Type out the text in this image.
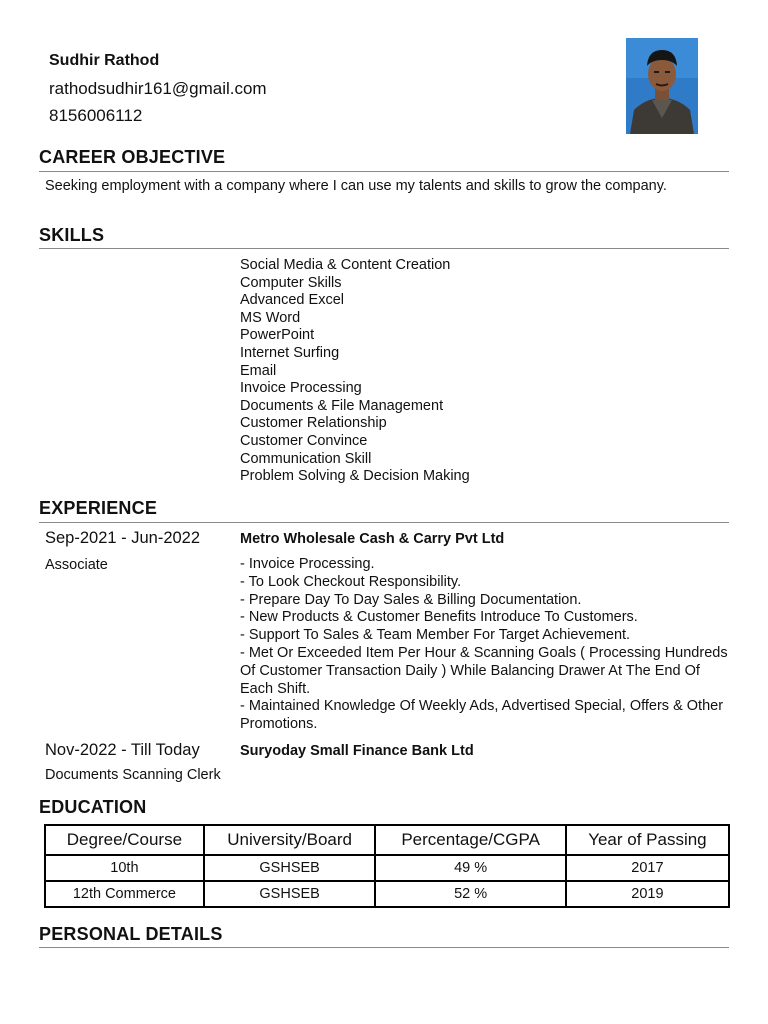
Sudhir Rathod
rathodsudhir161@gmail.com
8156006112
CAREER OBJECTIVE
Seeking employment with a company where I can use my talents and skills to grow the company.
SKILLS
Social Media & Content Creation
Computer Skills
Advanced Excel
MS Word
PowerPoint
Internet Surfing
Email
Invoice Processing
Documents & File Management
Customer Relationship
Customer Convince
Communication Skill
Problem Solving & Decision Making
EXPERIENCE
Sep-2021 - Jun-2022	Metro Wholesale Cash & Carry Pvt Ltd
Associate	- Invoice Processing.
- To Look Checkout Responsibility.
- Prepare Day To Day Sales & Billing Documentation.
- New Products & Customer Benefits Introduce To Customers.
- Support To Sales & Team Member For Target Achievement.
- Met Or Exceeded Item Per Hour & Scanning Goals ( Processing Hundreds Of Customer Transaction Daily ) While Balancing Drawer At The End Of Each Shift.
- Maintained Knowledge Of Weekly Ads, Advertised Special, Offers & Other Promotions.
Nov-2022 - Till Today	Suryoday Small Finance Bank Ltd
Documents Scanning Clerk
EDUCATION
Degree/Course	University/Board	Percentage/CGPA	Year of Passing
10th	GSHSEB	49 %	2017
12th Commerce	GSHSEB	52 %	2019
PERSONAL DETAILS
